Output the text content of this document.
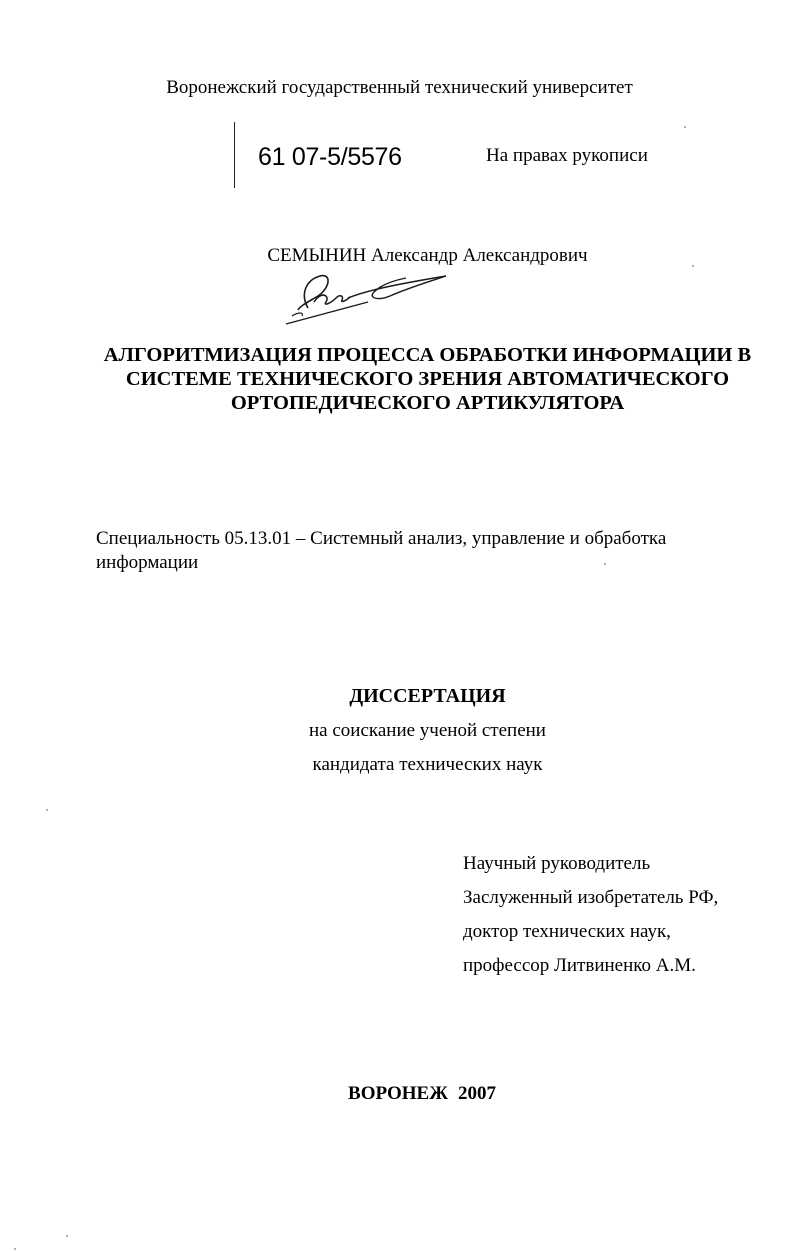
Воронежский государственный технический университет
61 07-5/5576	На правах рукописи
СЕМЫНИН Александр Александрович
АЛГОРИТМИЗАЦИЯ ПРОЦЕССА ОБРАБОТКИ ИНФОРМАЦИИ В
СИСТЕМЕ ТЕХНИЧЕСКОГО ЗРЕНИЯ АВТОМАТИЧЕСКОГО
ОРТОПЕДИЧЕСКОГО АРТИКУЛЯТОРА
Специальность 05.13.01 – Системный анализ, управление и обработка информации
ДИССЕРТАЦИЯ
на соискание ученой степени
кандидата технических наук
Научный руководитель
Заслуженный изобретатель РФ,
доктор технических наук,
профессор Литвиненко А.М.
ВОРОНЕЖ 2007
